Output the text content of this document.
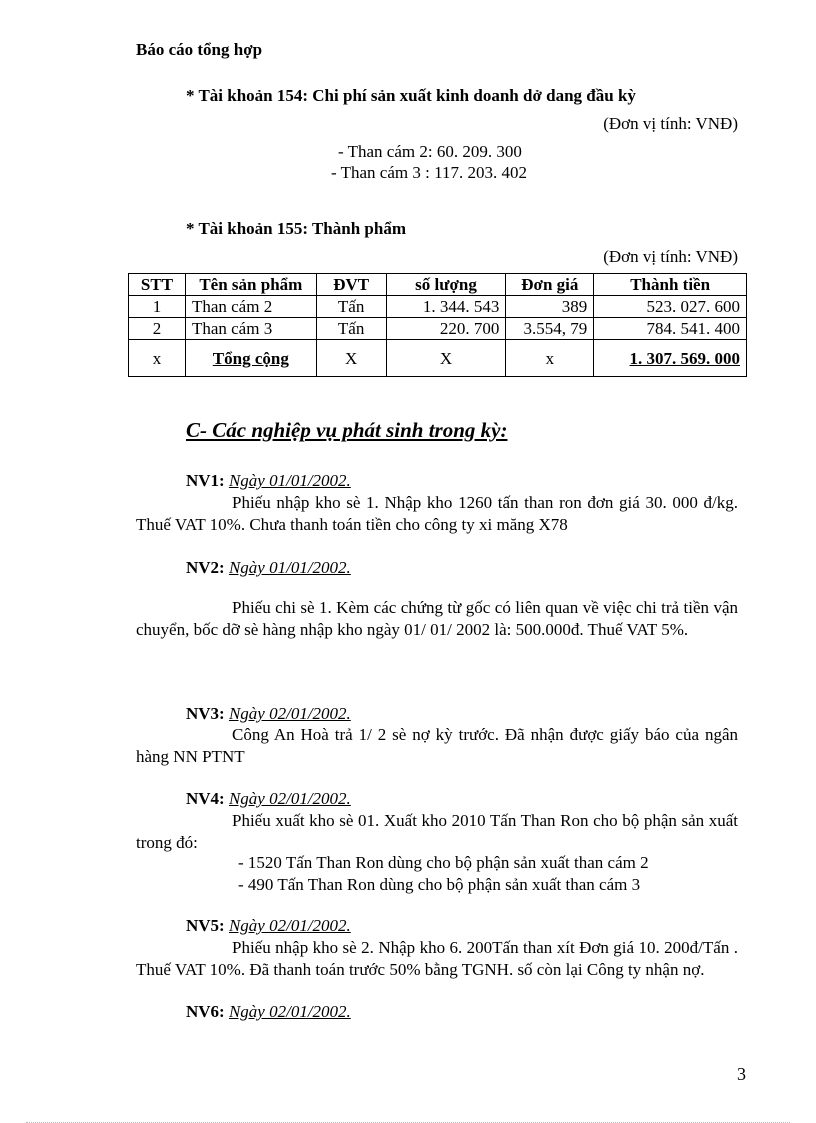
Báo cáo tổng hợp
* Tài khoản 154: Chi phí sản xuất kinh doanh dở dang đầu kỳ
(Đơn vị tính: VNĐ)
- Than cám 2: 60. 209. 300
- Than cám 3 : 117. 203. 402
* Tài khoản 155: Thành phẩm
(Đơn vị tính: VNĐ)
STT	Tên sản phẩm	ĐVT	số lượng	Đơn giá	Thành tiền
1	Than cám 2	Tấn	1. 344. 543	389	523. 027. 600
2	Than cám 3	Tấn	220. 700	3.554, 79	784. 541. 400
x	Tổng cộng	X	X	x	1. 307. 569. 000
C- Các nghiệp vụ phát sinh trong kỳ:
NV1: Ngày 01/01/2002.
Phiếu nhập kho sè 1. Nhập kho 1260 tấn than ron đơn giá 30. 000 đ/kg. Thuế VAT 10%. Chưa thanh toán tiền cho công ty xi măng X78
NV2: Ngày 01/01/2002.
Phiếu chi sè 1. Kèm các chứng từ gốc có liên quan về việc chi trả tiền vận chuyển, bốc dỡ sè hàng nhập kho ngày 01/ 01/ 2002 là: 500.000đ. Thuế VAT 5%.
NV3: Ngày 02/01/2002.
Công An Hoà trả 1/ 2 sè nợ kỳ trước. Đã nhận được giấy báo của ngân hàng NN PTNT
NV4: Ngày 02/01/2002.
Phiếu xuất kho sè 01. Xuất kho 2010 Tấn Than Ron cho bộ phận sản xuất trong đó:
- 1520 Tấn Than Ron dùng cho bộ phận sản xuất than cám 2
- 490 Tấn Than Ron dùng cho bộ phận sản xuất than cám 3
NV5: Ngày 02/01/2002.
Phiếu nhập kho sè 2. Nhập kho 6. 200Tấn than xít Đơn giá 10. 200đ/Tấn . Thuế VAT 10%. Đã thanh toán trước 50% bằng TGNH. số còn lại Công ty nhận nợ.
NV6: Ngày 02/01/2002.
3
